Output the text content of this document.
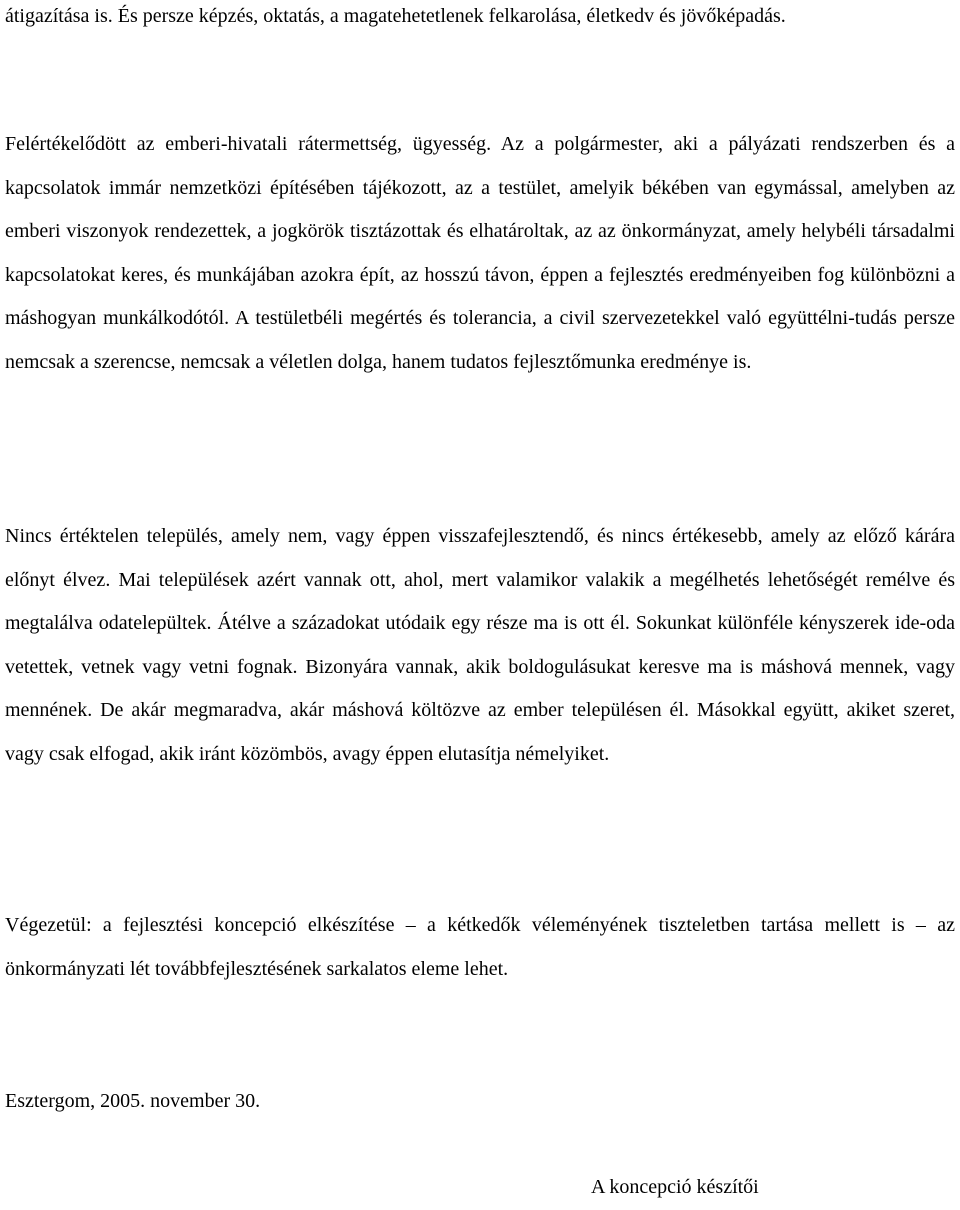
átigazítása is. És persze képzés, oktatás, a magatehetetlenek felkarolása, életkedv és jövőképadás.

Felértékelődött az emberi-hivatali rátermettség, ügyesség. Az a polgármester, aki a pályázati rendszerben és a kapcsolatok immár nemzetközi építésében tájékozott, az a testület, amelyik békében van egymással, amelyben az emberi viszonyok rendezettek, a jogkörök tisztázottak és elhatároltak, az az önkormányzat, amely helybéli társadalmi kapcsolatokat keres, és munkájában azokra épít, az hosszú távon, éppen a fejlesztés eredményeiben fog különbözni a máshogyan munkálkodótól. A testületbéli megértés és tolerancia, a civil szervezetekkel való együttélni-tudás persze nemcsak a szerencse, nemcsak a véletlen dolga, hanem tudatos fejlesztőmunka eredménye is.

Nincs értéktelen település, amely nem, vagy éppen visszafejlesztendő, és nincs értékesebb, amely az előző kárára előnyt élvez. Mai települések azért vannak ott, ahol, mert valamikor valakik a megélhetés lehetőségét remélve és megtalálva odatelepültek. Átélve a századokat utódaik egy része ma is ott él. Sokunkat különféle kényszerek ide-oda vetettek, vetnek vagy vetni fognak. Bizonyára vannak, akik boldogulásukat keresve ma is máshová mennek, vagy mennének. De akár megmaradva, akár máshová költözve az ember településen él. Másokkal együtt, akiket szeret, vagy csak elfogad, akik iránt közömbös, avagy éppen elutasítja némelyiket.

Végezetül: a fejlesztési koncepció elkészítése – a kétkedők véleményének tiszteletben tartása mellett is – az önkormányzati lét továbbfejlesztésének sarkalatos eleme lehet.

Esztergom, 2005. november 30.

A koncepció készítői
